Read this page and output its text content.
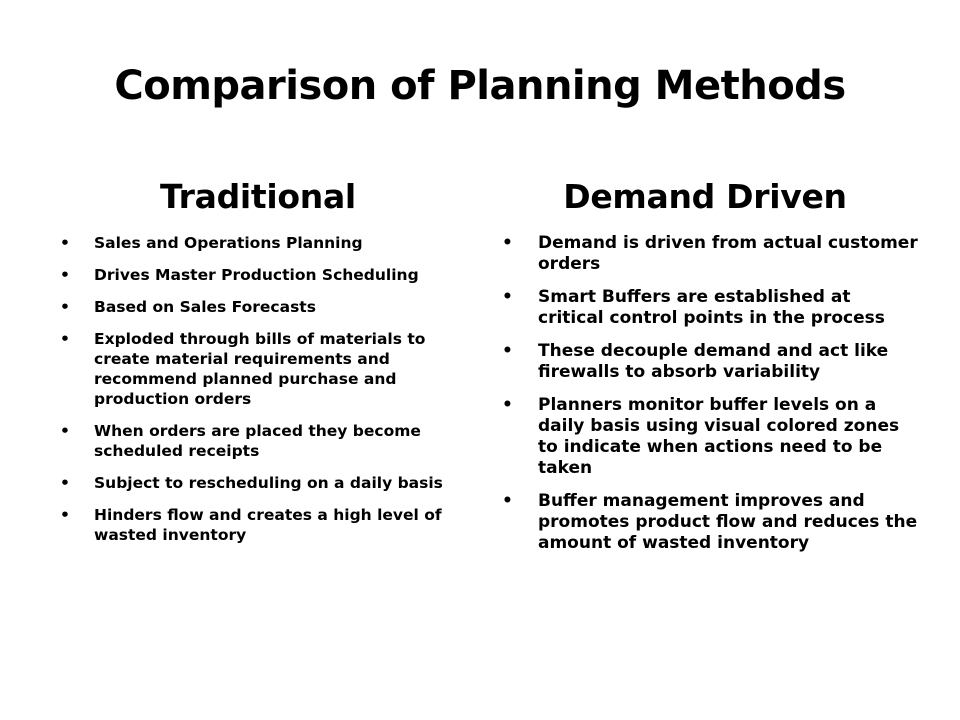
Comparison of Planning Methods
Traditional
• Sales and Operations Planning
• Drives Master Production Scheduling
• Based on Sales Forecasts
• Exploded through bills of materials to create material requirements and recommend planned purchase and production orders
• When orders are placed they become scheduled receipts
• Subject to rescheduling on a daily basis
• Hinders flow and creates a high level of wasted inventory
Demand Driven
• Demand is driven from actual customer orders
• Smart Buffers are established at critical control points in the process
• These decouple demand and act like firewalls to absorb variability
• Planners monitor buffer levels on a daily basis using visual colored zones to indicate when actions need to be taken
• Buffer management improves and promotes product flow and reduces the amount of wasted inventory
